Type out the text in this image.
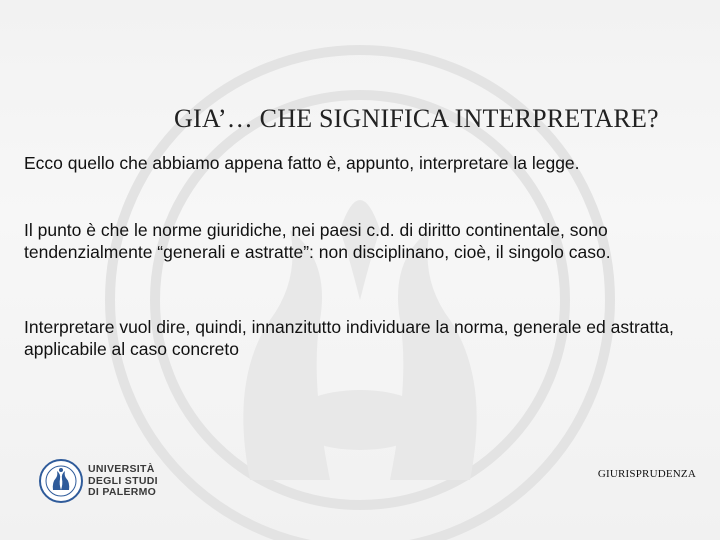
GIA’… CHE SIGNIFICA INTERPRETARE?
Ecco quello che abbiamo appena fatto è, appunto, interpretare la legge.
Il punto è che le norme giuridiche, nei paesi c.d. di diritto continentale, sono tendenzialmente “generali e astratte”: non disciplinano, cioè, il singolo caso.
Interpretare vuol dire, quindi, innanzitutto individuare la norma, generale ed astratta, applicabile al caso concreto
UNIVERSITÀ
DEGLI STUDI
DI PALERMO
GIURISPRUDENZA
